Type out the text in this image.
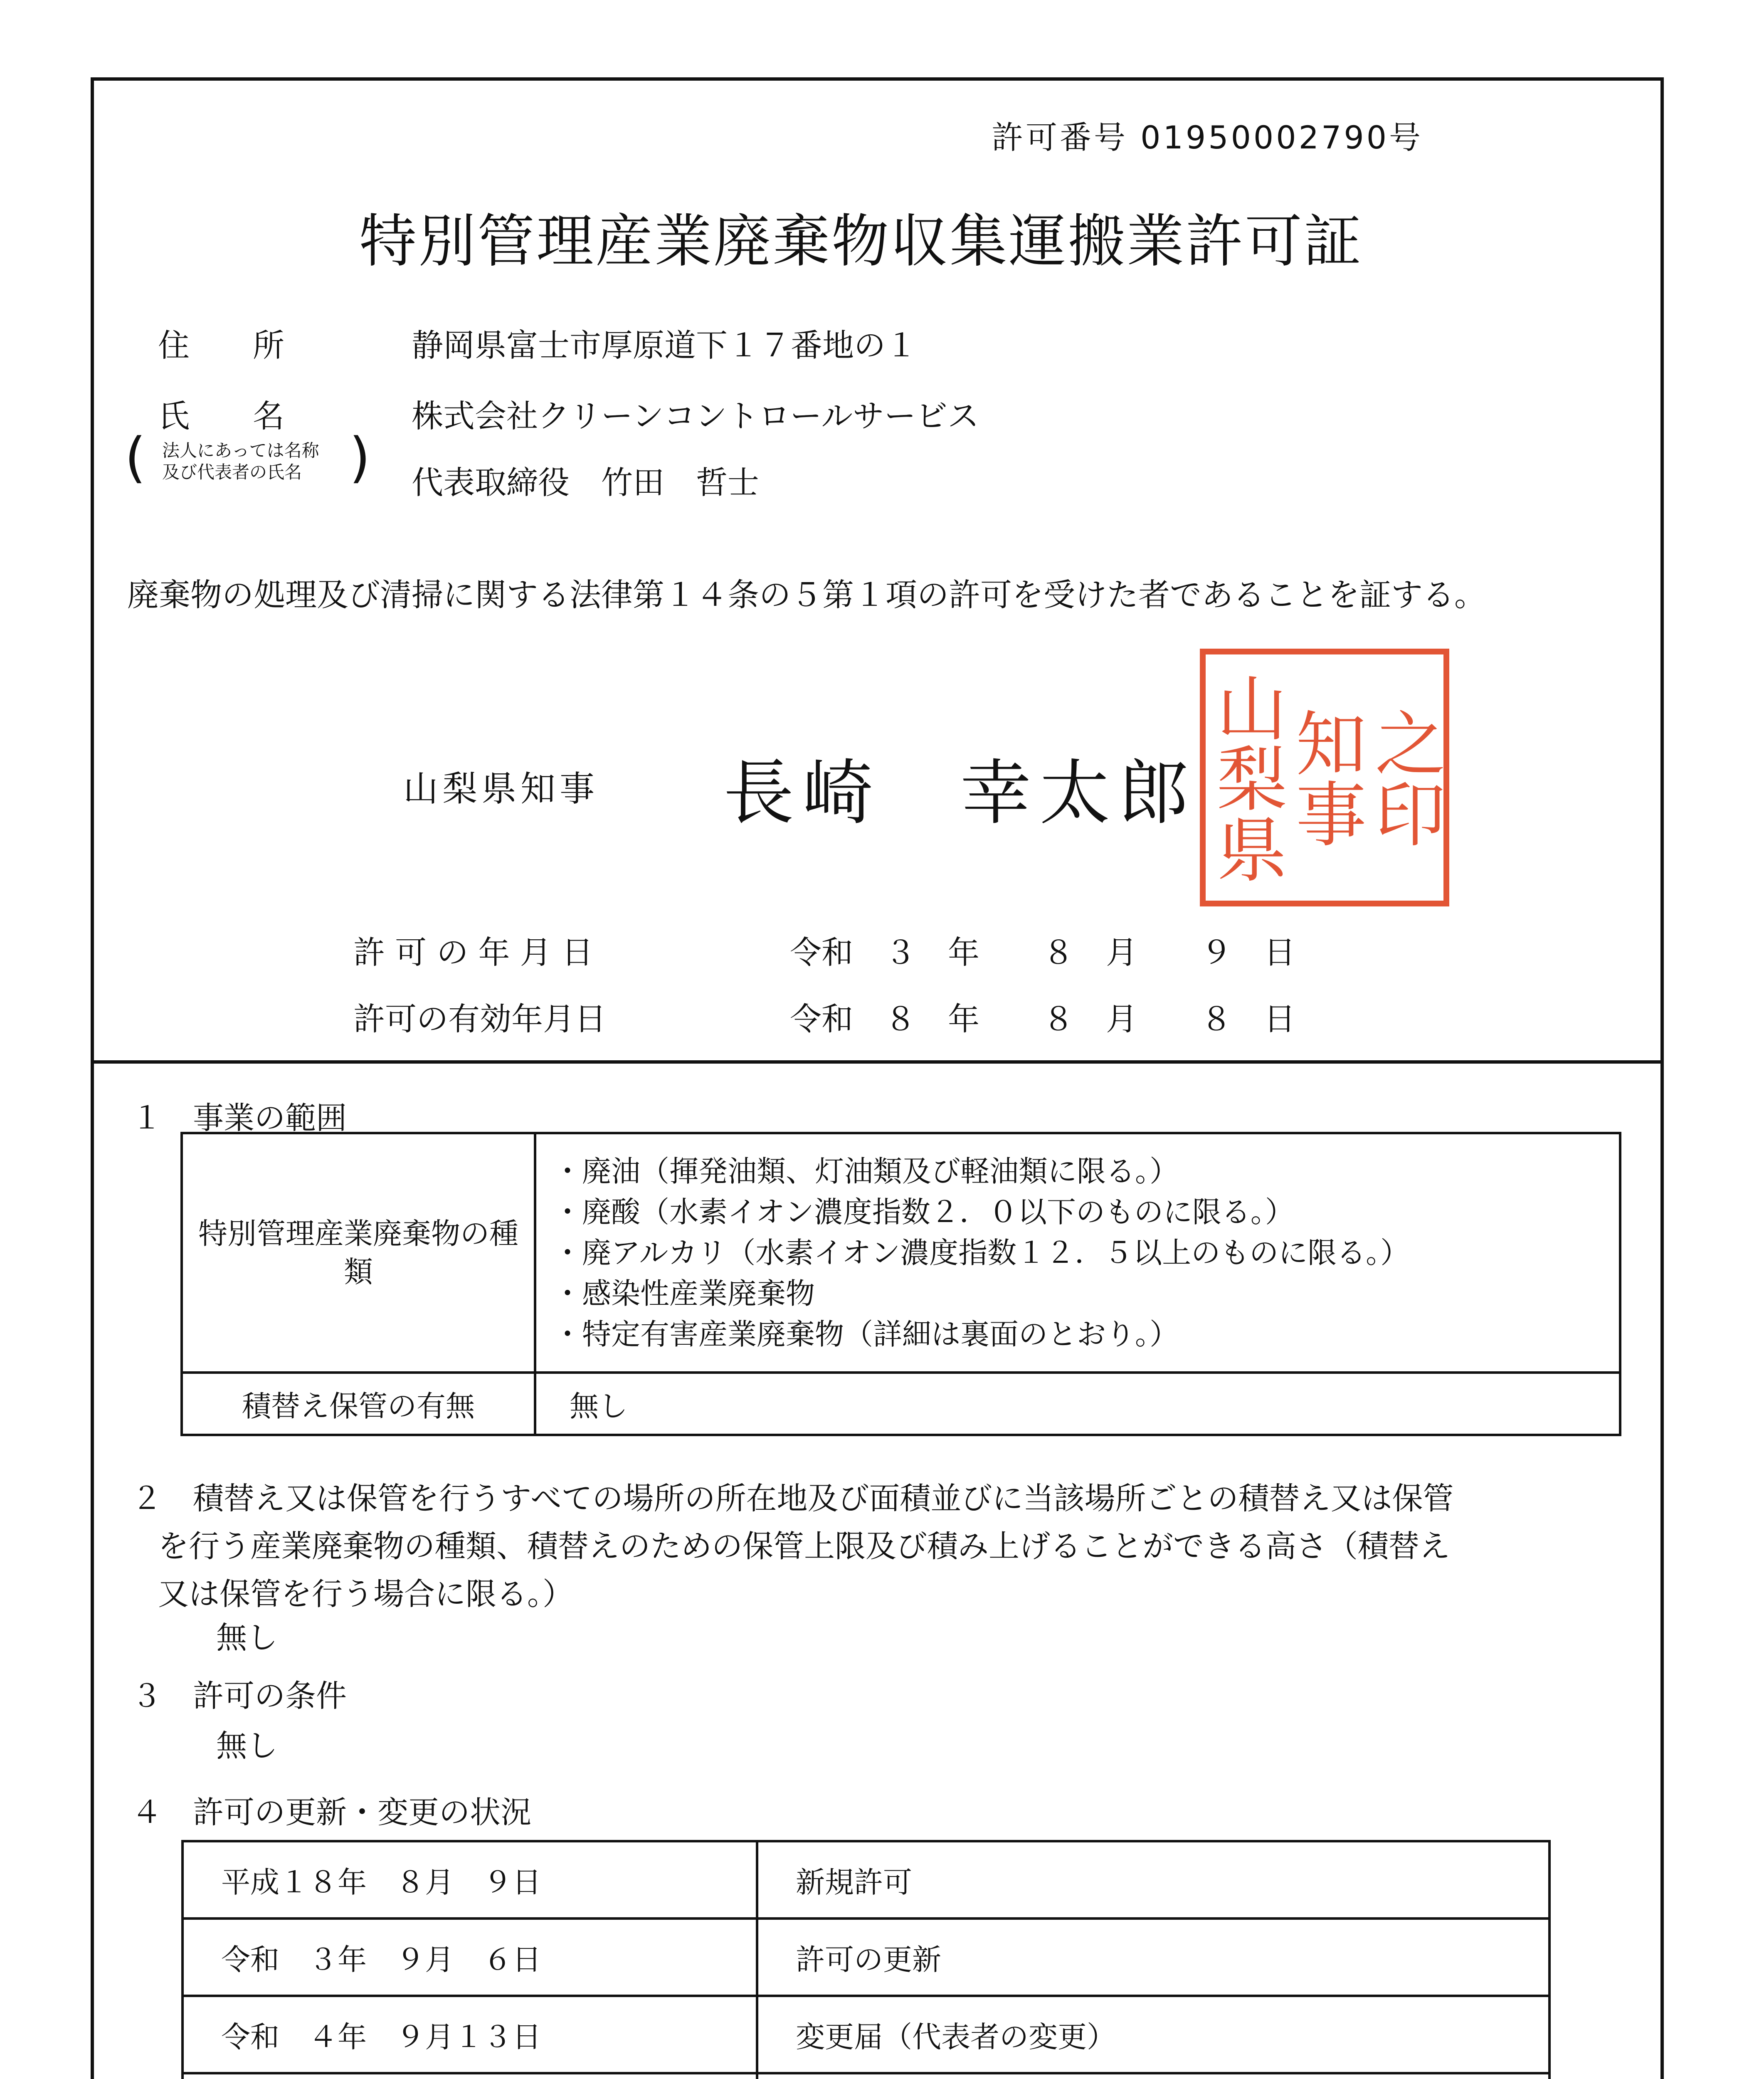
許可番号 01950002790号
特別管理産業廃棄物収集運搬業許可証
住　　所	静岡県富士市厚原道下１７番地の１
氏　　名	株式会社クリーンコントロールサービス
( 法人にあっては名称
及び代表者の氏名 ) 代表取締役　竹田　哲士
廃棄物の処理及び清掃に関する法律第１４条の５第１項の許可を受けた者であることを証する。
山梨県
知事
之印
山梨県知事 長崎　幸太郎
許 可 の 年 月 日	令和　３　年　　８　月　　９　日
許可の有効年月日	令和　８　年　　８　月　　８　日
１　事業の範囲
特別管理産業廃棄物の種類	・廃油（揮発油類、灯油類及び軽油類に限る。）
・廃酸（水素イオン濃度指数２．０以下のものに限る。）
・廃アルカリ（水素イオン濃度指数１２．５以上のものに限る。）
・感染性産業廃棄物
・特定有害産業廃棄物（詳細は裏面のとおり。）

積替え保管の有無	無し
２　積替え又は保管を行うすべての場所の所在地及び面積並びに当該場所ごとの積替え又は保管
を行う産業廃棄物の種類、積替えのための保管上限及び積み上げることができる高さ（積替え
又は保管を行う場合に限る。）
無し
３　許可の条件
無し
４　許可の更新・変更の状況
平成１８年　８月　９日	新規許可
令和　３年　９月　６日	許可の更新
令和　４年　９月１３日	変更届（代表者の変更）
